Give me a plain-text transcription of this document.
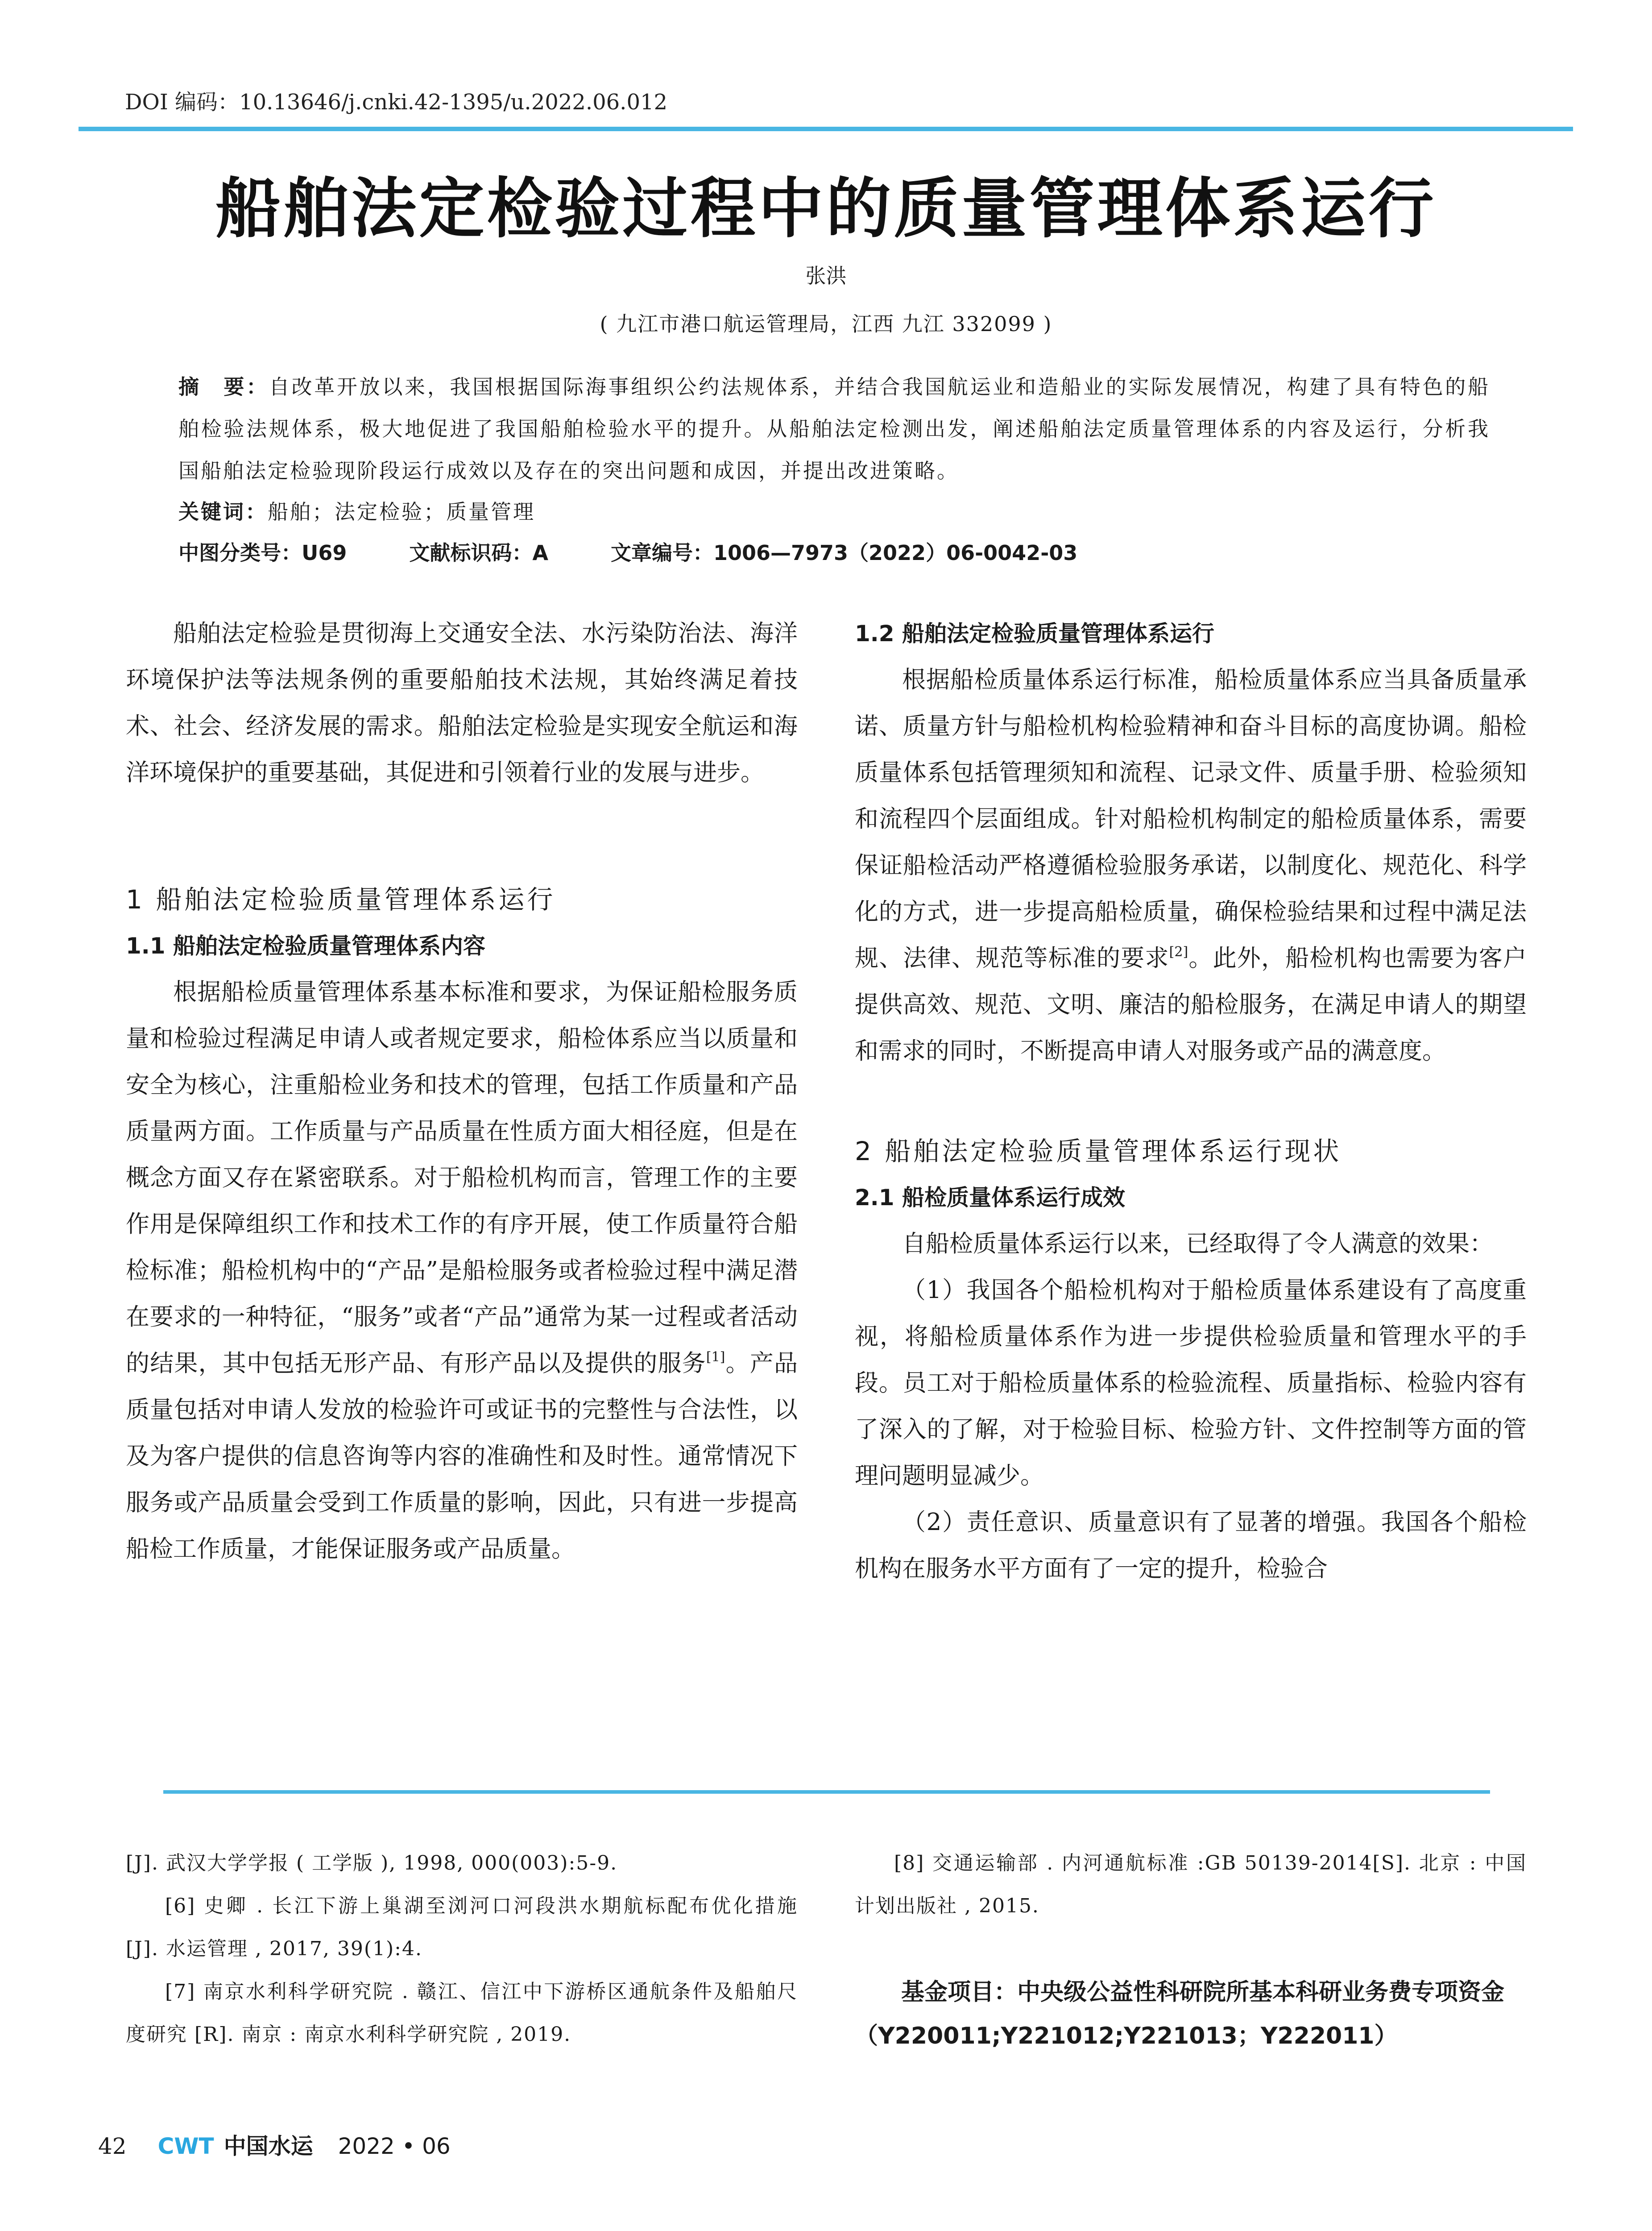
DOI 编码：10.13646/j.cnki.42-1395/u.2022.06.012
船舶法定检验过程中的质量管理体系运行
张洪
( 九江市港口航运管理局，江西 九江 332099 )
摘　要：自改革开放以来，我国根据国际海事组织公约法规体系，并结合我国航运业和造船业的实际发展情况，构建了具有特色的船舶检验法规体系，极大地促进了我国船舶检验水平的提升。从船舶法定检测出发，阐述船舶法定质量管理体系的内容及运行，分析我国船舶法定检验现阶段运行成效以及存在的突出问题和成因，并提出改进策略。
关键词：船舶；法定检验；质量管理
中图分类号：U69	文献标识码：A	文章编号：1006—7973（2022）06-0042-03

船舶法定检验是贯彻海上交通安全法、水污染防治法、海洋环境保护法等法规条例的重要船舶技术法规，其始终满足着技术、社会、经济发展的需求。船舶法定检验是实现安全航运和海洋环境保护的重要基础，其促进和引领着行业的发展与进步。

1 船舶法定检验质量管理体系运行
1.1 船舶法定检验质量管理体系内容

根据船检质量管理体系基本标准和要求，为保证船检服务质量和检验过程满足申请人或者规定要求，船检体系应当以质量和安全为核心，注重船检业务和技术的管理，包括工作质量和产品质量两方面。工作质量与产品质量在性质方面大相径庭，但是在概念方面又存在紧密联系。对于船检机构而言，管理工作的主要作用是保障组织工作和技术工作的有序开展，使工作质量符合船检标准；船检机构中的“产品”是船检服务或者检验过程中满足潜在要求的一种特征，“服务”或者“产品”通常为某一过程或者活动的结果，其中包括无形产品、有形产品以及提供的服务[1]。产品质量包括对申请人发放的检验许可或证书的完整性与合法性，以及为客户提供的信息咨询等内容的准确性和及时性。通常情况下服务或产品质量会受到工作质量的影响，因此，只有进一步提高船检工作质量，才能保证服务或产品质量。

1.2 船舶法定检验质量管理体系运行

根据船检质量体系运行标准，船检质量体系应当具备质量承诺、质量方针与船检机构检验精神和奋斗目标的高度协调。船检质量体系包括管理须知和流程、记录文件、质量手册、检验须知和流程四个层面组成。针对船检机构制定的船检质量体系，需要保证船检活动严格遵循检验服务承诺，以制度化、规范化、科学化的方式，进一步提高船检质量，确保检验结果和过程中满足法规、法律、规范等标准的要求[2]。此外，船检机构也需要为客户提供高效、规范、文明、廉洁的船检服务，在满足申请人的期望和需求的同时，不断提高申请人对服务或产品的满意度。

2 船舶法定检验质量管理体系运行现状
2.1 船检质量体系运行成效

自船检质量体系运行以来，已经取得了令人满意的效果：

（1）我国各个船检机构对于船检质量体系建设有了高度重视，将船检质量体系作为进一步提供检验质量和管理水平的手段。员工对于船检质量体系的检验流程、质量指标、检验内容有了深入的了解，对于检验目标、检验方针、文件控制等方面的管理问题明显减少。

（2）责任意识、质量意识有了显著的增强。我国各个船检机构在服务水平方面有了一定的提升，检验合

[J]. 武汉大学学报 ( 工学版 ), 1998, 000(003):5-9.

[6] 史卿 . 长江下游上巢湖至浏河口河段洪水期航标配布优化措施 [J]. 水运管理 , 2017, 39(1):4.

[7] 南京水利科学研究院 . 赣江、信江中下游桥区通航条件及船舶尺度研究 [R]. 南京 : 南京水利科学研究院 , 2019.

[8] 交通运输部 . 内河通航标准 :GB 50139-2014[S]. 北京 : 中国计划出版社 , 2015.

基金项目：中央级公益性科研院所基本科研业务费专项资金（Y220011;Y221012;Y221013；Y222011）
42 CWT 中国水运 2022 • 06
